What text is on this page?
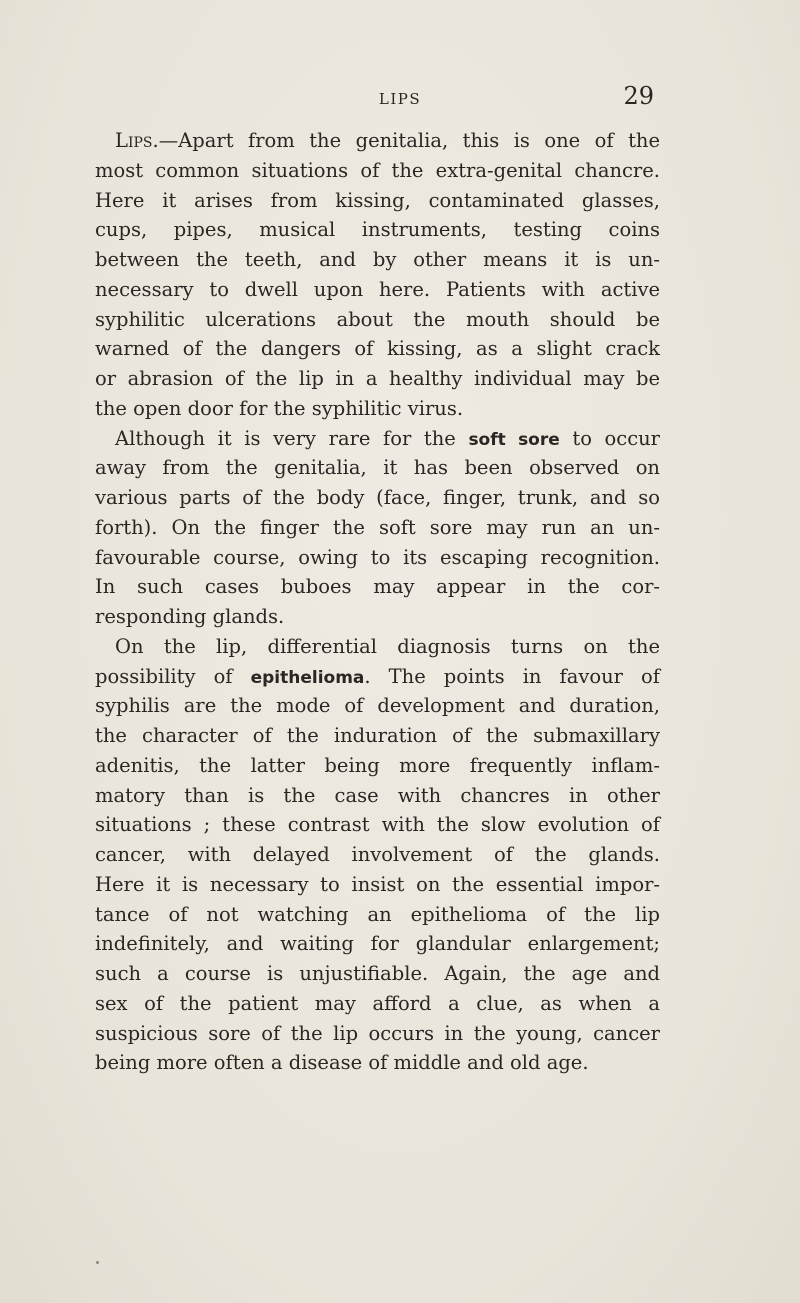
LIPS	29
Lips.—Apart from the genitalia, this is one of the
most common situations of the extra-genital chancre.
Here it arises from kissing, contaminated glasses,
cups, pipes, musical instruments, testing coins
between the teeth, and by other means it is un-
necessary to dwell upon here. Patients with active
syphilitic ulcerations about the mouth should be
warned of the dangers of kissing, as a slight crack
or abrasion of the lip in a healthy individual may be
the open door for the syphilitic virus.
Although it is very rare for the soft sore to occur
away from the genitalia, it has been observed on
various parts of the body (face, finger, trunk, and so
forth). On the finger the soft sore may run an un-
favourable course, owing to its escaping recognition.
In such cases buboes may appear in the cor-
responding glands.
On the lip, differential diagnosis turns on the
possibility of epithelioma. The points in favour of
syphilis are the mode of development and duration,
the character of the induration of the submaxillary
adenitis, the latter being more frequently inflam-
matory than is the case with chancres in other
situations ; these contrast with the slow evolution of
cancer, with delayed involvement of the glands.
Here it is necessary to insist on the essential impor-
tance of not watching an epithelioma of the lip
indefinitely, and waiting for glandular enlargement;
such a course is unjustifiable. Again, the age and
sex of the patient may afford a clue, as when a
suspicious sore of the lip occurs in the young, cancer
being more often a disease of middle and old age.
